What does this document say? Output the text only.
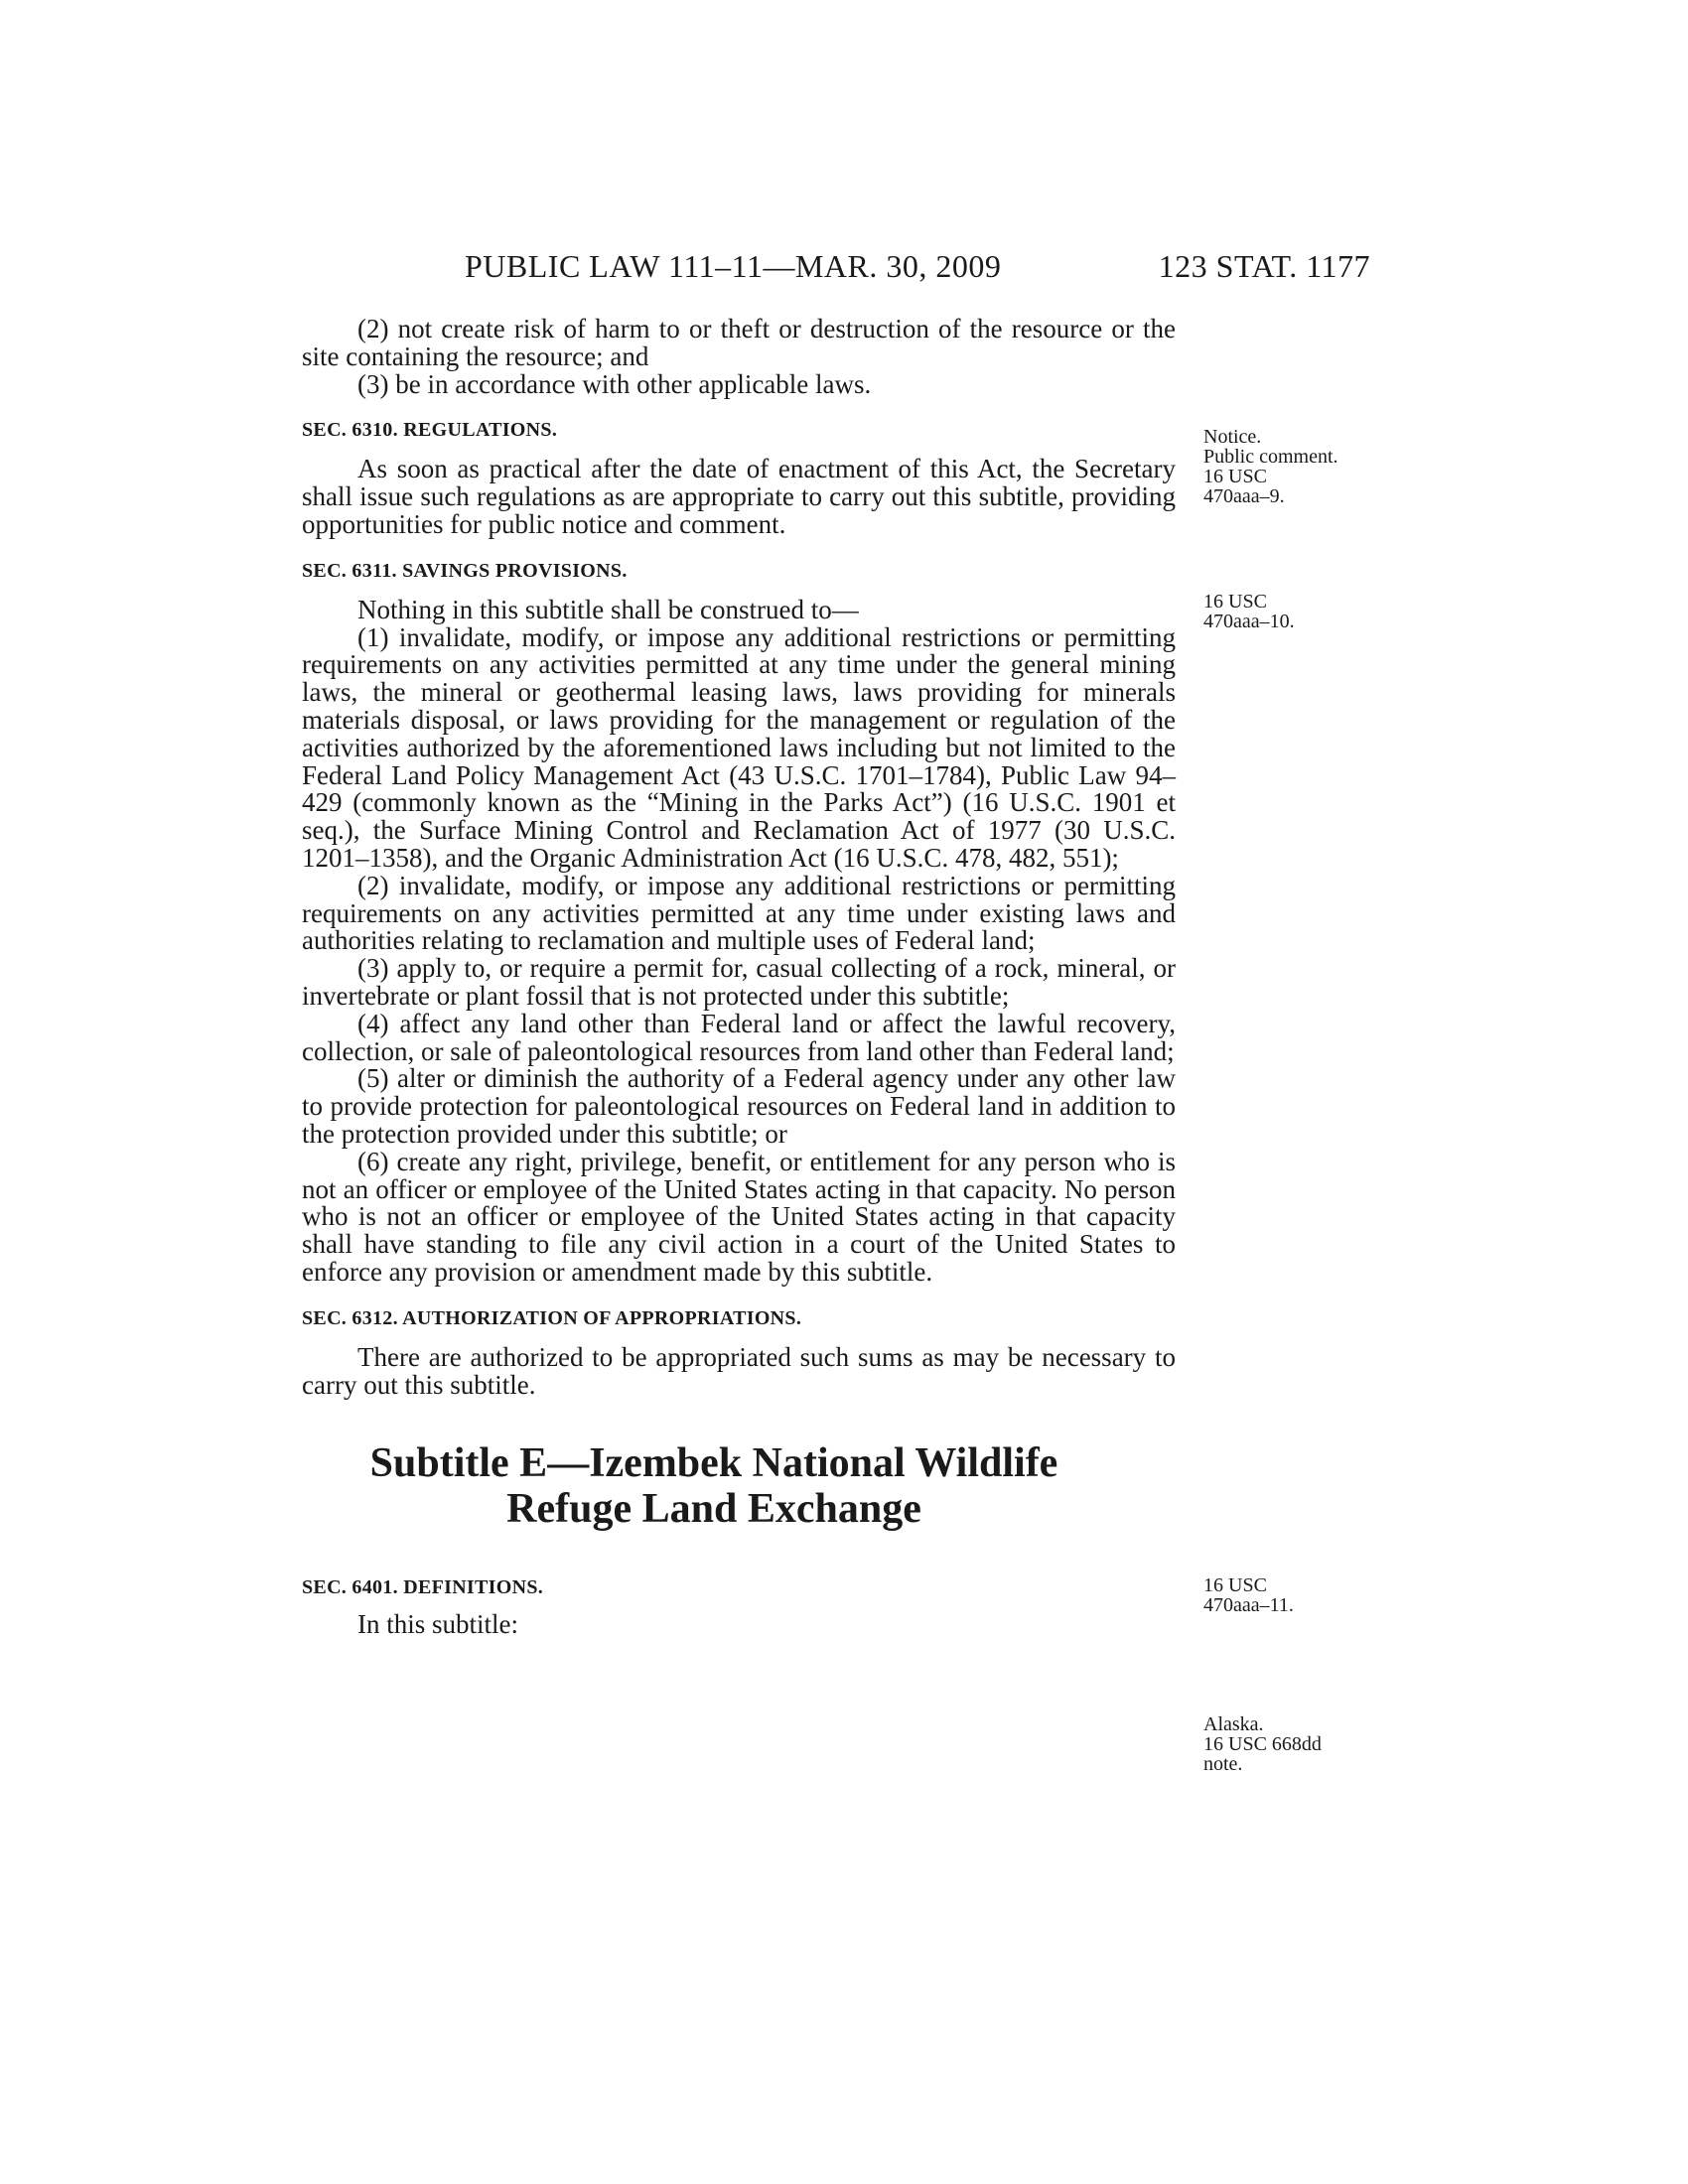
PUBLIC LAW 111–11—MAR. 30, 2009	123 STAT. 1177

(2) not create risk of harm to or theft or destruction of the resource or the site containing the resource; and

(3) be in accordance with other applicable laws.

SEC. 6310. REGULATIONS.

As soon as practical after the date of enactment of this Act, the Secretary shall issue such regulations as are appropriate to carry out this subtitle, providing opportunities for public notice and comment.

SEC. 6311. SAVINGS PROVISIONS.

Nothing in this subtitle shall be construed to—

(1) invalidate, modify, or impose any additional restrictions or permitting requirements on any activities permitted at any time under the general mining laws, the mineral or geothermal leasing laws, laws providing for minerals materials disposal, or laws providing for the management or regulation of the activities authorized by the aforementioned laws including but not limited to the Federal Land Policy Management Act (43 U.S.C. 1701–1784), Public Law 94–429 (commonly known as the “Mining in the Parks Act”) (16 U.S.C. 1901 et seq.), the Surface Mining Control and Reclamation Act of 1977 (30 U.S.C. 1201–1358), and the Organic Administration Act (16 U.S.C. 478, 482, 551);

(2) invalidate, modify, or impose any additional restrictions or permitting requirements on any activities permitted at any time under existing laws and authorities relating to reclamation and multiple uses of Federal land;

(3) apply to, or require a permit for, casual collecting of a rock, mineral, or invertebrate or plant fossil that is not protected under this subtitle;

(4) affect any land other than Federal land or affect the lawful recovery, collection, or sale of paleontological resources from land other than Federal land;

(5) alter or diminish the authority of a Federal agency under any other law to provide protection for paleontological resources on Federal land in addition to the protection provided under this subtitle; or

(6) create any right, privilege, benefit, or entitlement for any person who is not an officer or employee of the United States acting in that capacity. No person who is not an officer or employee of the United States acting in that capacity shall have standing to file any civil action in a court of the United States to enforce any provision or amendment made by this subtitle.

SEC. 6312. AUTHORIZATION OF APPROPRIATIONS.

There are authorized to be appropriated such sums as may be necessary to carry out this subtitle.

Subtitle E—Izembek National Wildlife

Refuge Land Exchange

SEC. 6401. DEFINITIONS.

In this subtitle:

Notice.
Public comment.
16 USC
470aaa–9.
16 USC
470aaa–10.
16 USC
470aaa–11.
Alaska.
16 USC 668dd
note.
